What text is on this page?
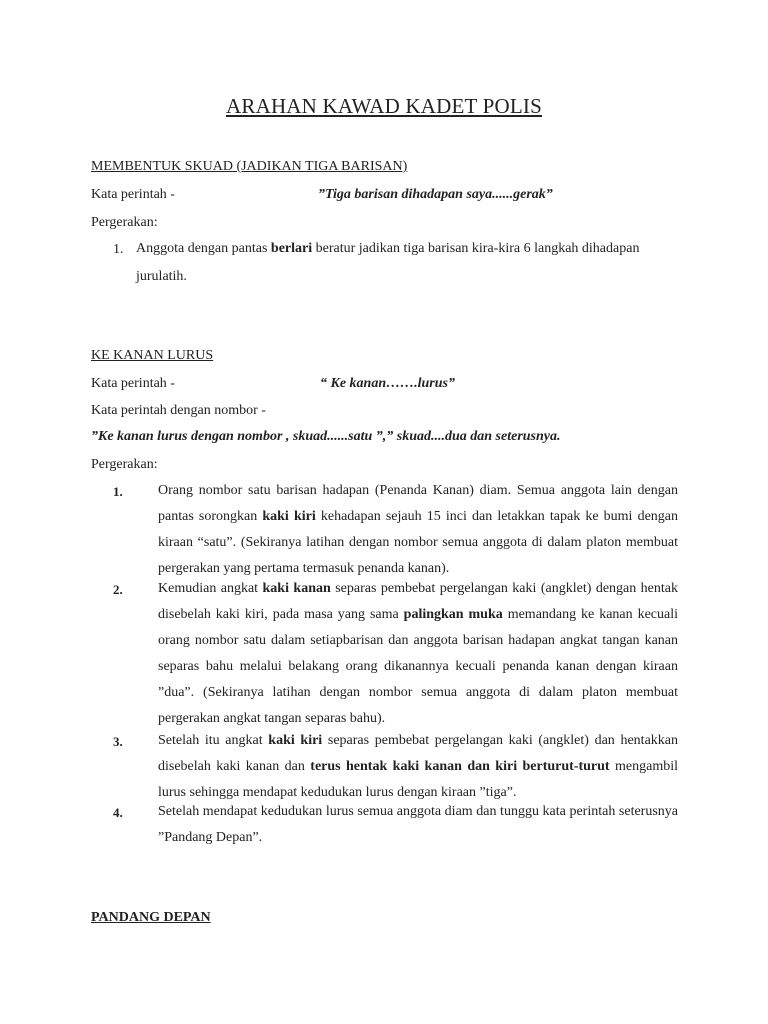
ARAHAN KAWAD KADET POLIS
MEMBENTUK SKUAD (JADIKAN TIGA BARISAN)
Kata perintah -	”Tiga barisan dihadapan saya......gerak”
Pergerakan:
1. Anggota dengan pantas berlari beratur jadikan tiga barisan kira-kira 6 langkah dihadapan jurulatih.
KE KANAN LURUS
Kata perintah -	“ Ke kanan…….lurus”
Kata perintah dengan nombor -
”Ke kanan lurus dengan nombor , skuad......satu ”,” skuad....dua dan seterusnya.
Pergerakan:
1.	Orang nombor satu barisan hadapan (Penanda Kanan) diam. Semua anggota lain dengan pantas sorongkan kaki kiri kehadapan sejauh 15 inci dan letakkan tapak ke bumi dengan kiraan “satu”. (Sekiranya latihan dengan nombor semua anggota di dalam platon membuat pergerakan yang pertama termasuk penanda kanan).
2.	Kemudian angkat kaki kanan separas pembebat pergelangan kaki (angklet) dengan hentak disebelah kaki kiri, pada masa yang sama palingkan muka memandang ke kanan kecuali orang nombor satu dalam setiapbarisan dan anggota barisan hadapan angkat tangan kanan separas bahu melalui belakang orang dikanannya kecuali penanda kanan dengan kiraan ”dua”. (Sekiranya latihan dengan nombor semua anggota di dalam platon membuat pergerakan angkat tangan separas bahu).
3.	Setelah itu angkat kaki kiri separas pembebat pergelangan kaki (angklet) dan hentakkan disebelah kaki kanan dan terus hentak kaki kanan dan kiri berturut-turut mengambil lurus sehingga mendapat kedudukan lurus dengan kiraan ”tiga”.
4.	Setelah mendapat kedudukan lurus semua anggota diam dan tunggu kata perintah seterusnya ”Pandang Depan”.
PANDANG DEPAN
